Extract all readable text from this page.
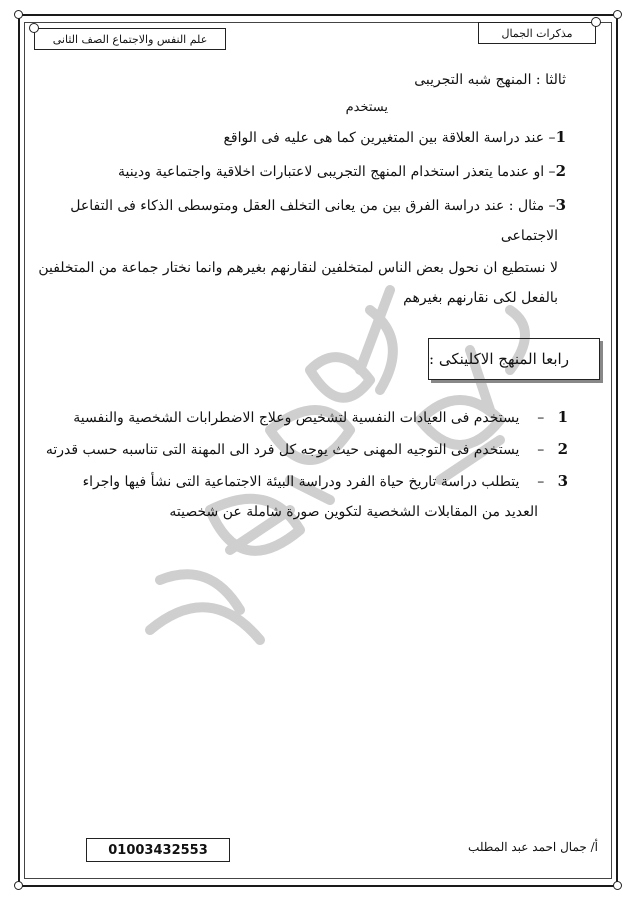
علم النفس والاجتماع الصف الثانى	مذكرات الجمال
ثالثا : المنهج شبه التجريبى
يستخدم
1– عند دراسة العلاقة بين المتغيرين كما هى عليه فى الواقع
2– او عندما يتعذر استخدام المنهج التجريبى لاعتبارات اخلاقية واجتماعية ودينية
3– مثال : عند دراسة الفرق بين من يعانى التخلف العقل ومتوسطى الذكاء فى التفاعل
الاجتماعى
لا نستطيع ان نحول بعض الناس لمتخلفين لنقارنهم بغيرهم وانما نختار جماعة من المتخلفين
بالفعل لكى نقارنهم بغيرهم
رابعا المنهج الاكلينكى :
1   –    يستخدم فى العيادات النفسية لتشخيص وعلاج الاضطرابات الشخصية والنفسية
2   –    يستخدم فى التوجيه المهنى حيث يوجه كل فرد الى المهنة التى تناسبه حسب قدرته
3   –    يتطلب دراسة تاريخ حياة الفرد ودراسة البيئة الاجتماعية التى نشأ فيها واجراء
العديد من المقابلات الشخصية لتكوين صورة شاملة عن شخصيته
01003432553	أ/ جمال احمد عبد المطلب
